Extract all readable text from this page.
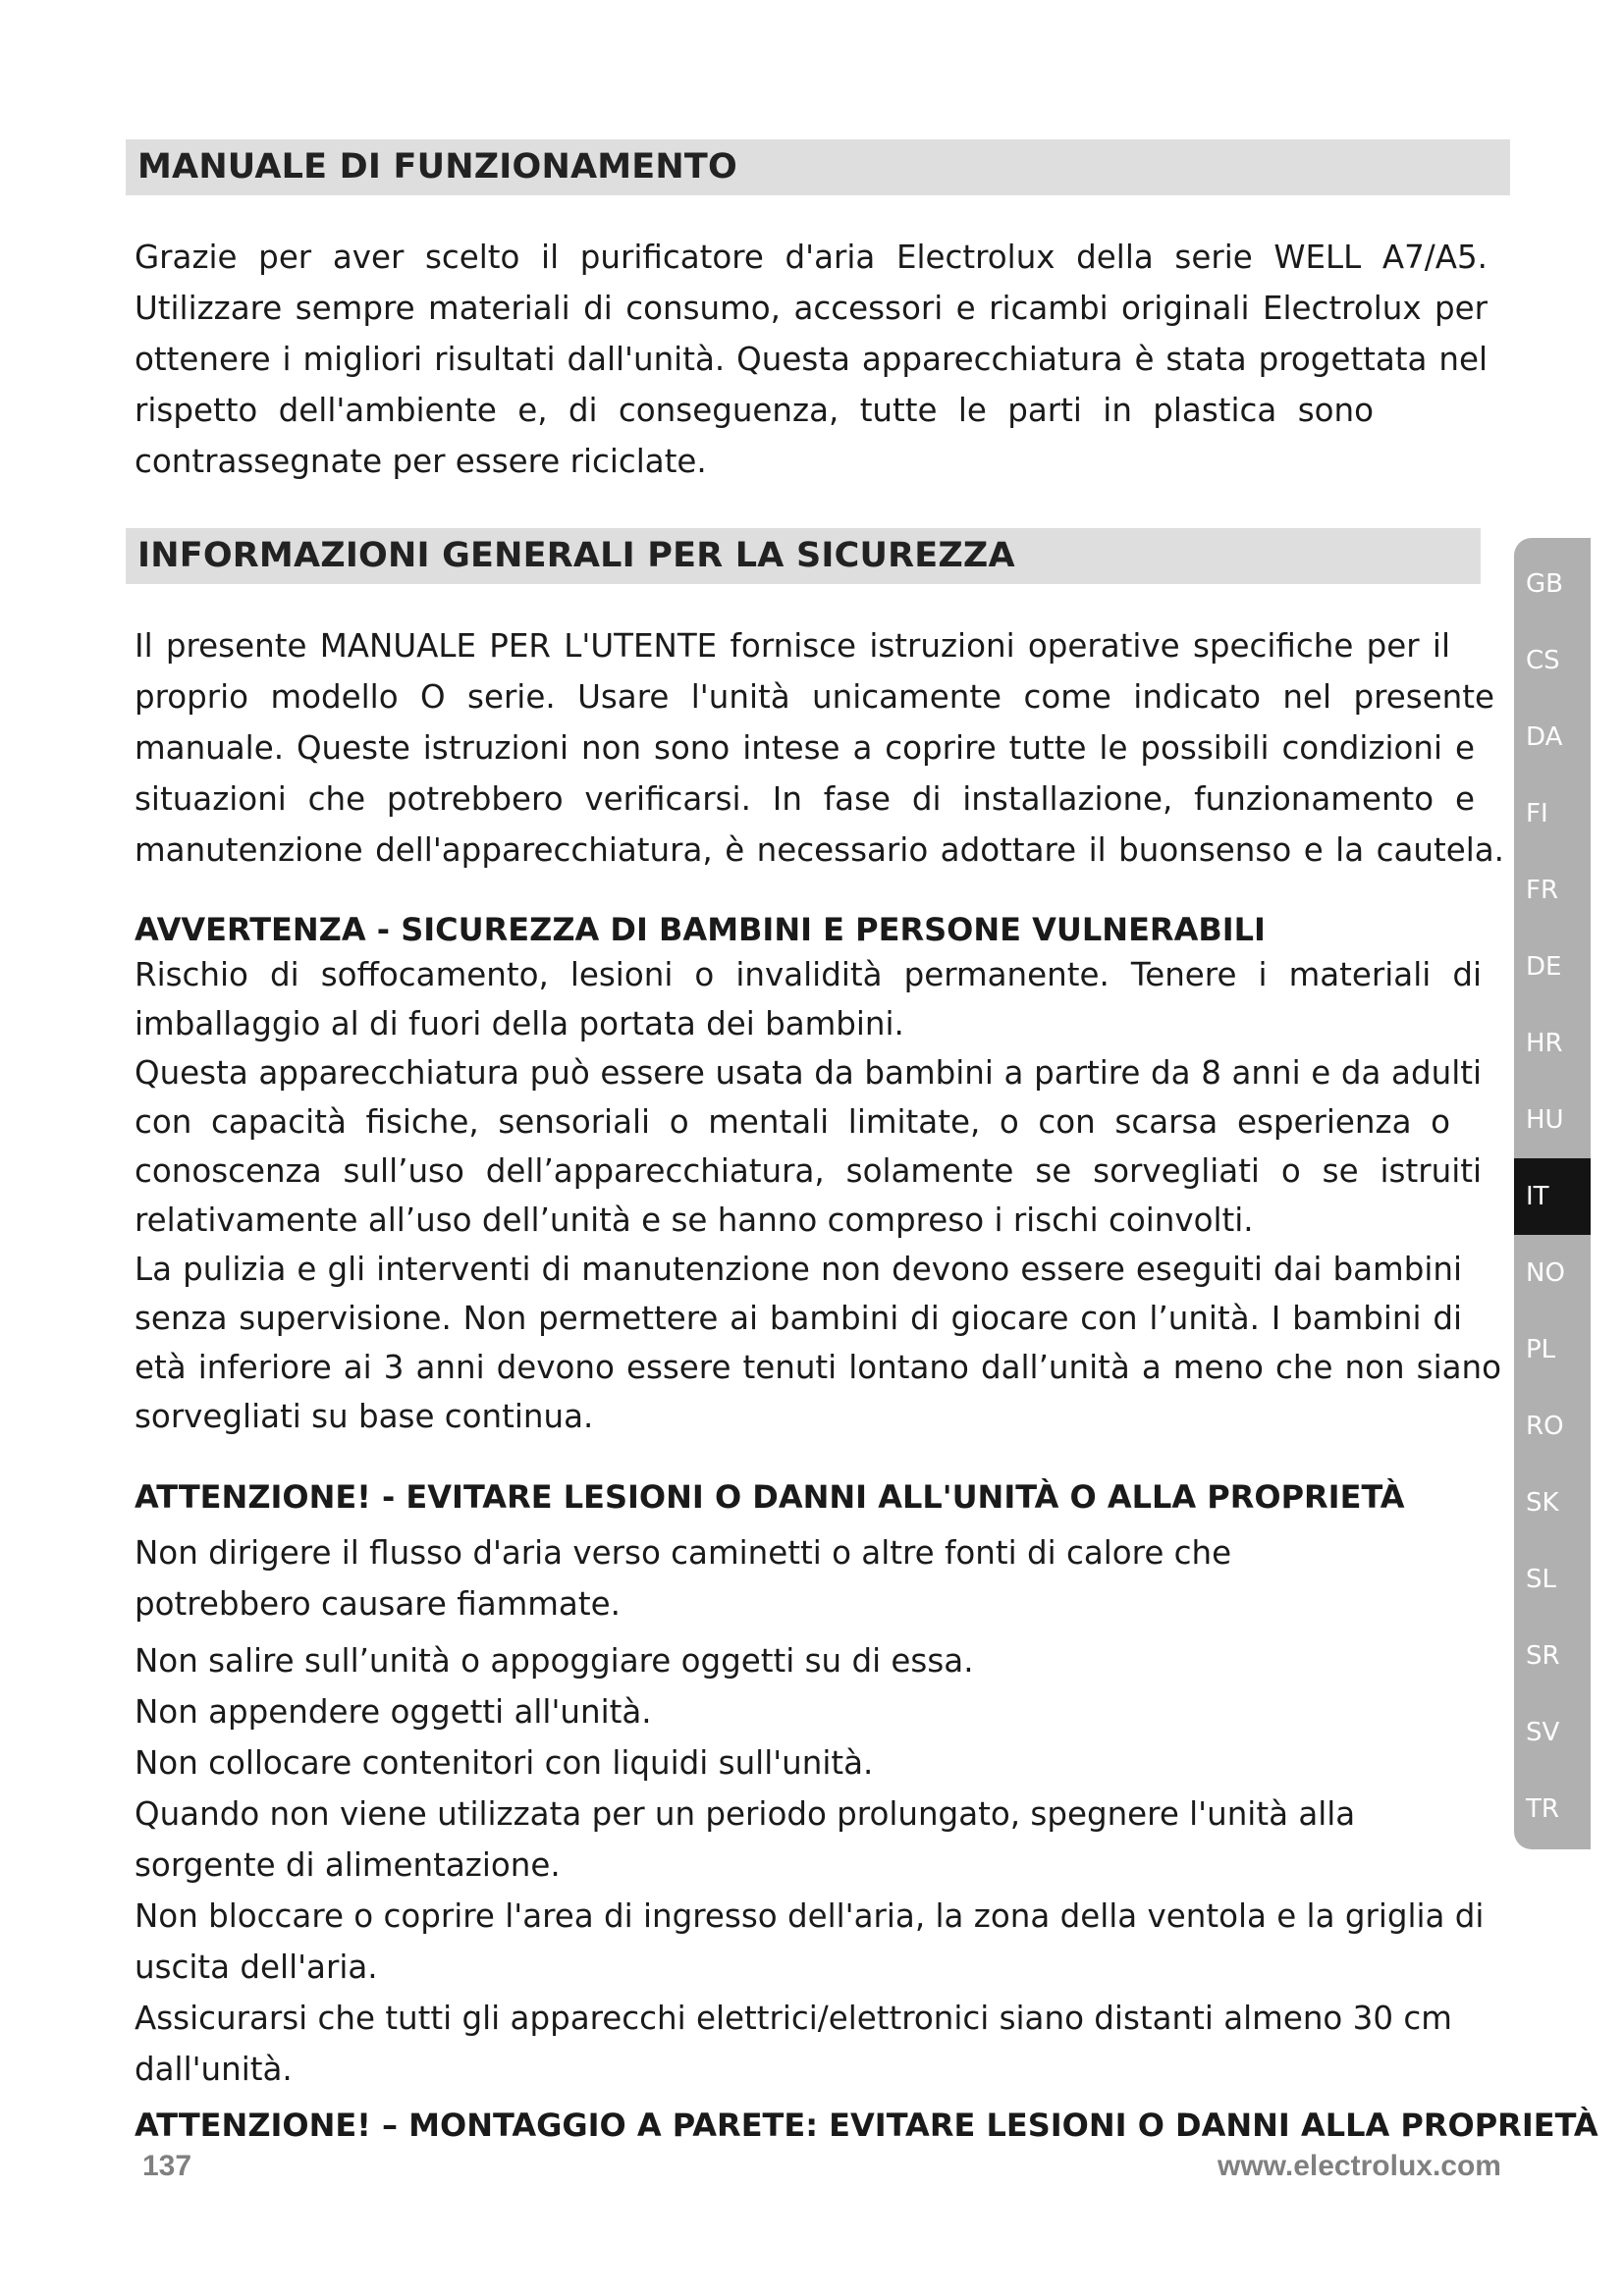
MANUALE DI FUNZIONAMENTO
Grazie per aver scelto il purificatore d'aria Electrolux della serie WELL A7/A5.
Utilizzare sempre materiali di consumo, accessori e ricambi originali Electrolux per
ottenere i migliori risultati dall'unità. Questa apparecchiatura è stata progettata nel
rispetto dell'ambiente e, di conseguenza, tutte le parti in plastica sono
contrassegnate per essere riciclate.
INFORMAZIONI GENERALI PER LA SICUREZZA
Il presente MANUALE PER L'UTENTE fornisce istruzioni operative specifiche per il
proprio modello O serie. Usare l'unità unicamente come indicato nel presente
manuale. Queste istruzioni non sono intese a coprire tutte le possibili condizioni e
situazioni che potrebbero verificarsi. In fase di installazione, funzionamento e
manutenzione dell'apparecchiatura, è necessario adottare il buonsenso e la cautela.
AVVERTENZA - SICUREZZA DI BAMBINI E PERSONE VULNERABILI
Rischio di soffocamento, lesioni o invalidità permanente. Tenere i materiali di
imballaggio al di fuori della portata dei bambini.
Questa apparecchiatura può essere usata da bambini a partire da 8 anni e da adulti
con capacità fisiche, sensoriali o mentali limitate, o con scarsa esperienza o
conoscenza sull’uso dell’apparecchiatura, solamente se sorvegliati o se istruiti
relativamente all’uso dell’unità e se hanno compreso i rischi coinvolti.
La pulizia e gli interventi di manutenzione non devono essere eseguiti dai bambini
senza supervisione. Non permettere ai bambini di giocare con l’unità. I bambini di
età inferiore ai 3 anni devono essere tenuti lontano dall’unità a meno che non siano
sorvegliati su base continua.
ATTENZIONE! - EVITARE LESIONI O DANNI ALL'UNITÀ O ALLA PROPRIETÀ
Non dirigere il flusso d'aria verso caminetti o altre fonti di calore che
potrebbero causare fiammate.
Non salire sull’unità o appoggiare oggetti su di essa.
Non appendere oggetti all'unità.
Non collocare contenitori con liquidi sull'unità.
Quando non viene utilizzata per un periodo prolungato, spegnere l'unità alla
sorgente di alimentazione.
Non bloccare o coprire l'area di ingresso dell'aria, la zona della ventola e la griglia di
uscita dell'aria.
Assicurarsi che tutti gli apparecchi elettrici/elettronici siano distanti almeno 30 cm
dall'unità.
ATTENZIONE! – MONTAGGIO A PARETE: EVITARE LESIONI O DANNI ALLA PROPRIETÀ
GB
CS
DA
FI
FR
DE
HR
HU
IT
NO
PL
RO
SK
SL
SR
SV
TR
137	www.electrolux.com
